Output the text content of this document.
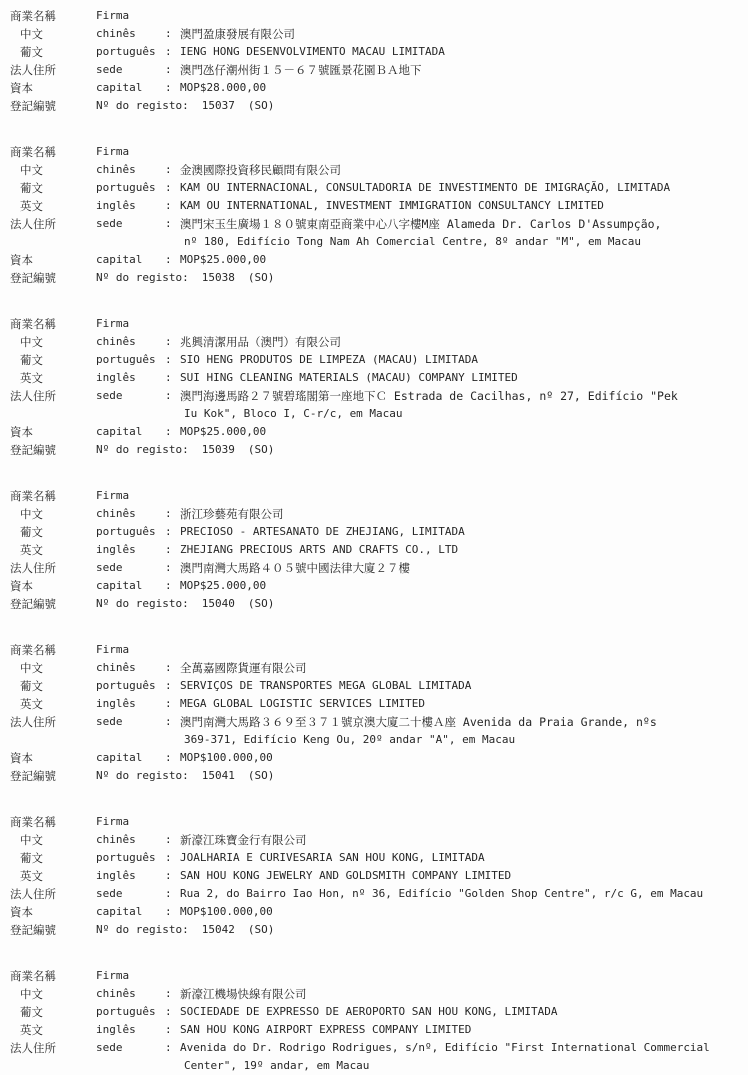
商業名稱	Firma
中文	chinês	: 澳門盈康發展有限公司
葡文	português : IENG HONG DESENVOLVIMENTO MACAU LIMITADA
法人住所	sede	: 澳門氹仔潮州街１５－６７號匯景花園ＢＡ地下
資本	capital	: MOP$28.000,00
登記編號	Nº do registo: 15037 (SO)
商業名稱	Firma
中文	chinês	: 金澳國際投資移民顧問有限公司
葡文	português : KAM OU INTERNACIONAL, CONSULTADORIA DE INVESTIMENTO DE IMIGRAÇÃO, LIMITADA
英文	inglês	: KAM OU INTERNATIONAL, INVESTMENT IMMIGRATION CONSULTANCY LIMITED
法人住所	sede	: 澳門宋玉生廣場１８０號東南亞商業中心八字樓M座 Alameda Dr. Carlos D'Assumpção,
nº 180, Edifício Tong Nam Ah Comercial Centre, 8º andar "M", em Macau
資本	capital	: MOP$25.000,00
登記編號	Nº do registo: 15038 (SO)
商業名稱	Firma
中文	chinês	: 兆興清潔用品（澳門）有限公司
葡文	português : SIO HENG PRODUTOS DE LIMPEZA (MACAU) LIMITADA
英文	inglês	: SUI HING CLEANING MATERIALS (MACAU) COMPANY LIMITED
法人住所	sede	: 澳門海邊馬路２７號碧瑤閣第一座地下Ｃ Estrada de Cacilhas, nº 27, Edifício "Pek
Iu Kok", Bloco I, C-r/c, em Macau
資本	capital	: MOP$25.000,00
登記編號	Nº do registo: 15039 (SO)
商業名稱	Firma
中文	chinês	: 浙江珍藝苑有限公司
葡文	português : PRECIOSO - ARTESANATO DE ZHEJIANG, LIMITADA
英文	inglês	: ZHEJIANG PRECIOUS ARTS AND CRAFTS CO., LTD
法人住所	sede	: 澳門南灣大馬路４０５號中國法律大廈２７樓
資本	capital	: MOP$25.000,00
登記編號	Nº do registo: 15040 (SO)
商業名稱	Firma
中文	chinês	: 全萬嘉國際貨運有限公司
葡文	português : SERVIÇOS DE TRANSPORTES MEGA GLOBAL LIMITADA
英文	inglês	: MEGA GLOBAL LOGISTIC SERVICES LIMITED
法人住所	sede	: 澳門南灣大馬路３６９至３７１號京澳大廈二十樓Ａ座 Avenida da Praia Grande, nºs
369-371, Edifício Keng Ou, 20º andar "A", em Macau
資本	capital	: MOP$100.000,00
登記編號	Nº do registo: 15041 (SO)
商業名稱	Firma
中文	chinês	: 新濠江珠寶金行有限公司
葡文	português : JOALHARIA E CURIVESARIA SAN HOU KONG, LIMITADA
英文	inglês	: SAN HOU KONG JEWELRY AND GOLDSMITH COMPANY LIMITED
法人住所	sede	: Rua 2, do Bairro Iao Hon, nº 36, Edifício "Golden Shop Centre", r/c G, em Macau
資本	capital	: MOP$100.000,00
登記編號	Nº do registo: 15042 (SO)
商業名稱	Firma
中文	chinês	: 新濠江機場快線有限公司
葡文	português : SOCIEDADE DE EXPRESSO DE AEROPORTO SAN HOU KONG, LIMITADA
英文	inglês	: SAN HOU KONG AIRPORT EXPRESS COMPANY LIMITED
法人住所	sede	: Avenida do Dr. Rodrigo Rodrigues, s/nº, Edifício "First International Commercial
Center", 19º andar, em Macau
